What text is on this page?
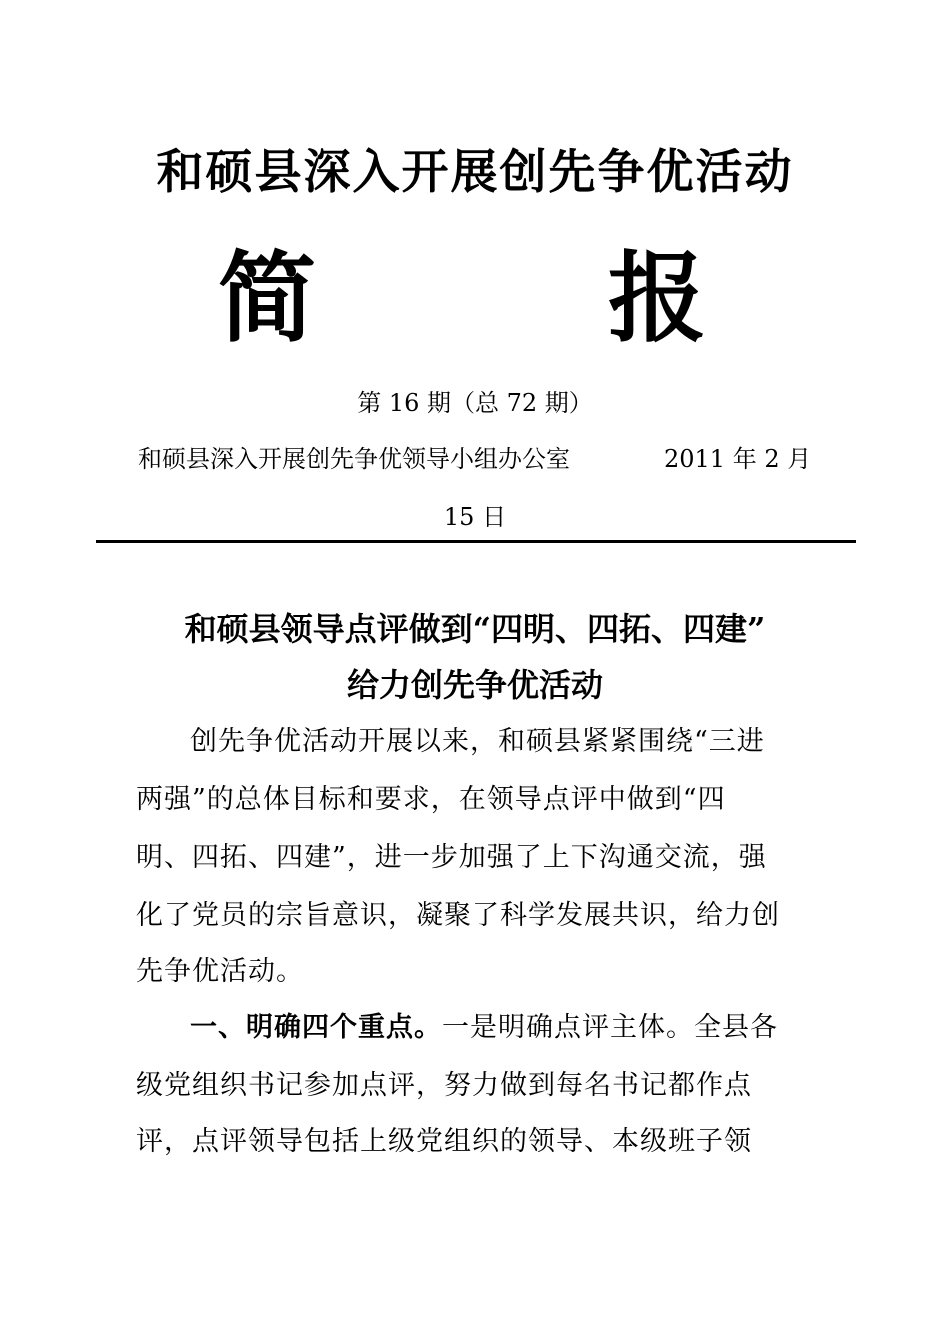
和硕县深入开展创先争优活动
简	报
第 16 期（总 72 期）
和硕县深入开展创先争优领导小组办公室	2011 年 2 月
15 日
和硕县领导点评做到“四明、四拓、四建”
给力创先争优活动
创先争优活动开展以来，和硕县紧紧围绕“三进
两强”的总体目标和要求，在领导点评中做到“四
明、四拓、四建”，进一步加强了上下沟通交流，强
化了党员的宗旨意识，凝聚了科学发展共识，给力创
先争优活动。
一、明确四个重点。一是明确点评主体。全县各
级党组织书记参加点评，努力做到每名书记都作点
评，点评领导包括上级党组织的领导、本级班子领
